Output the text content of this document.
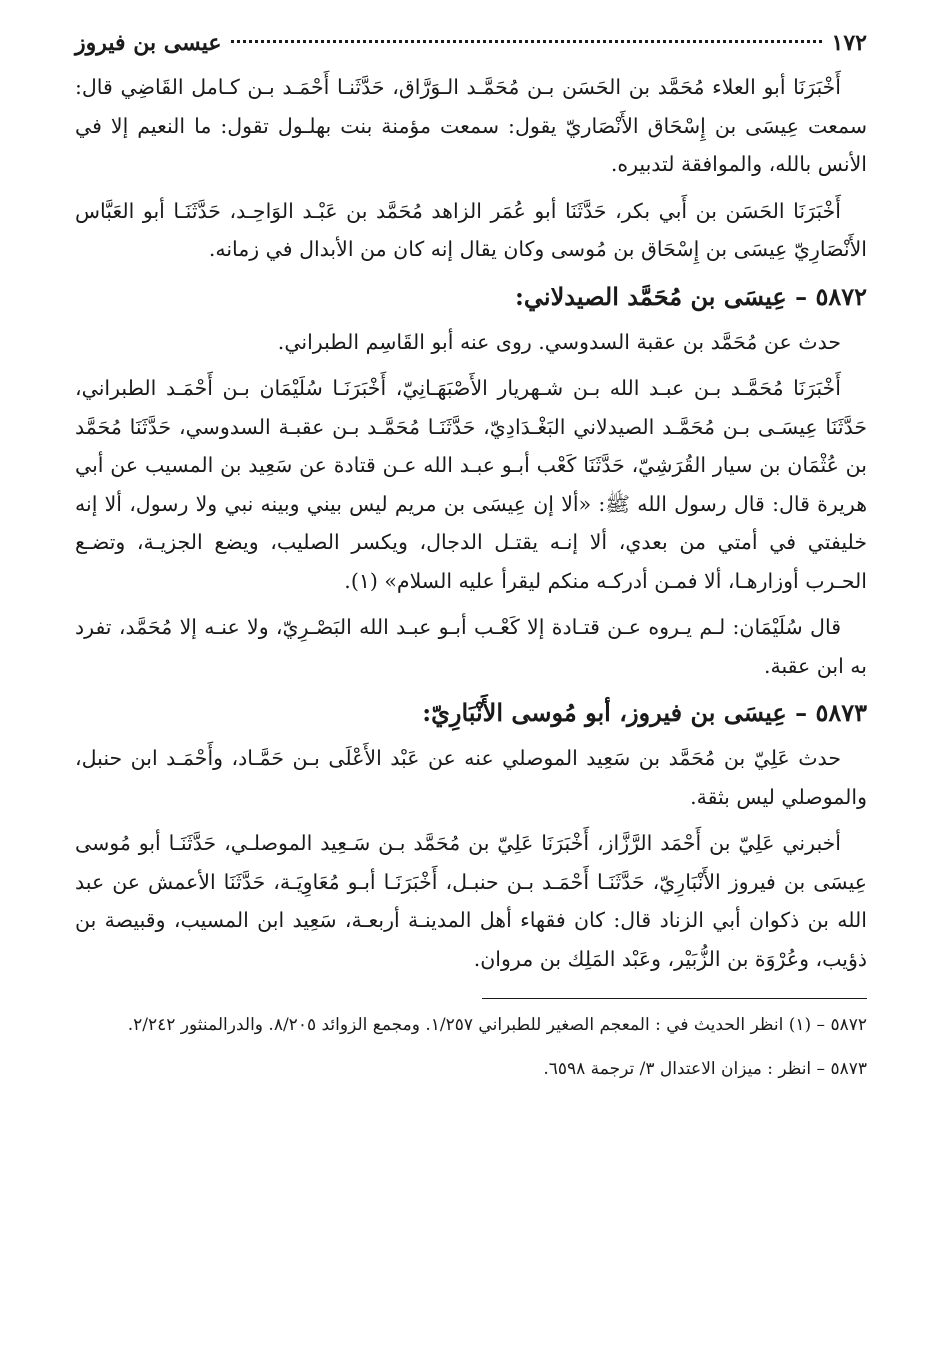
١٧٢
عيسى بن فيروز

أَخْبَرَنَا أبو العلاء مُحَمَّد بن الحَسَن بـن مُحَمَّـد الـوَرَّاق، حَدَّثَنـا أَحْمَـد بـن كـامل القَاضِي قال: سمعت عِيسَى بن إِسْحَاق الأَنْصَاريّ يقول: سمعت مؤمنة بنت بهلـول تقول: ما النعيم إلا في الأنس بالله، والموافقة لتدبيره.

أَخْبَرَنَا الحَسَن بن أَبي بكر، حَدَّثَنَا أبو عُمَر الزاهد مُحَمَّد بن عَبْـد الوَاحِـد، حَدَّثَنَـا أبو العَبَّاس الأَنْصَارِيّ عِيسَى بن إِسْحَاق بن مُوسى وكان يقال إنه كان من الأبدال في زمانه.

٥٨٧٢ – عِيسَى بن مُحَمَّد الصيدلاني:

حدث عن مُحَمَّد بن عقبة السدوسي. روى عنه أبو القَاسِم الطبراني.

أَخْبَرَنَا مُحَمَّـد بـن عبـد الله بـن شـهريار الأَصْبَهَـانِيّ، أَخْبَرَنَـا سُلَيْمَان بـن أَحْمَـد الطبراني، حَدَّثَنَا عِيسَـى بـن مُحَمَّـد الصيدلاني البَغْـدَادِيّ، حَدَّثَنَـا مُحَمَّـد بـن عقبـة السدوسي، حَدَّثَنَا مُحَمَّد بن عُثْمَان بن سيار القُرَشِيّ، حَدَّثَنَا كَعْب أبـو عبـد الله عـن قتادة عن سَعِيد بن المسيب عن أبي هريرة قال: قال رسول الله ﷺ: «ألا إن عِيسَى بن مريم ليس بيني وبينه نبي ولا رسول، ألا إنه خليفتي في أمتي من بعدي، ألا إنـه يقتـل الدجال، ويكسر الصليب، ويضع الجزيـة، وتضـع الحـرب أوزارهـا، ألا فمـن أدركـه منكم ليقرأ عليه السلام» (١).

قال سُلَيْمَان: لـم يـروه عـن قتـادة إلا كَعْـب أبـو عبـد الله البَصْـرِيّ، ولا عنـه إلا مُحَمَّد، تفرد به ابن عقبة.

٥٨٧٣ – عِيسَى بن فيروز، أبو مُوسى الأَنْبَارِيّ:

حدث عَلِيّ بن مُحَمَّد بن سَعِيد الموصلي عنه عن عَبْد الأَعْلَى بـن حَمَّـاد، وأَحْمَـد ابن حنبل، والموصلي ليس بثقة.

أخبرني عَلِيّ بن أَحْمَد الرَّزَّاز، أَخْبَرَنَا عَلِيّ بن مُحَمَّد بـن سَـعِيد الموصلـي، حَدَّثَنَـا أبو مُوسى عِيسَى بن فيروز الأَنْبَارِيّ، حَدَّثَنَـا أَحْمَـد بـن حنبـل، أَخْبَرَنَـا أبـو مُعَاوِيَـة، حَدَّثَنَا الأعمش عن عبد الله بن ذكوان أبي الزناد قال: كان فقهاء أهل المدينـة أربعـة، سَعِيد ابن المسيب، وقبيصة بن ذؤيب، وعُرْوَة بن الزُّبَيْر، وعَبْد المَلِك بن مروان.

٥٨٧٢ – (١) انظر الحديث في : المعجم الصغير للطبراني ١/٢٥٧. ومجمع الزوائد ٨/٢٠٥. والدرالمنثور ٢/٢٤٢.

٥٨٧٣ – انظر : ميزان الاعتدال ٣/ ترجمة ٦٥٩٨.
